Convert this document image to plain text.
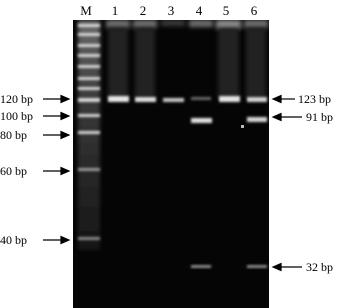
M	1	2	3	4	5	6
120 bp
100 bp
80 bp
60 bp
40 bp
123 bp
91 bp
32 bp
